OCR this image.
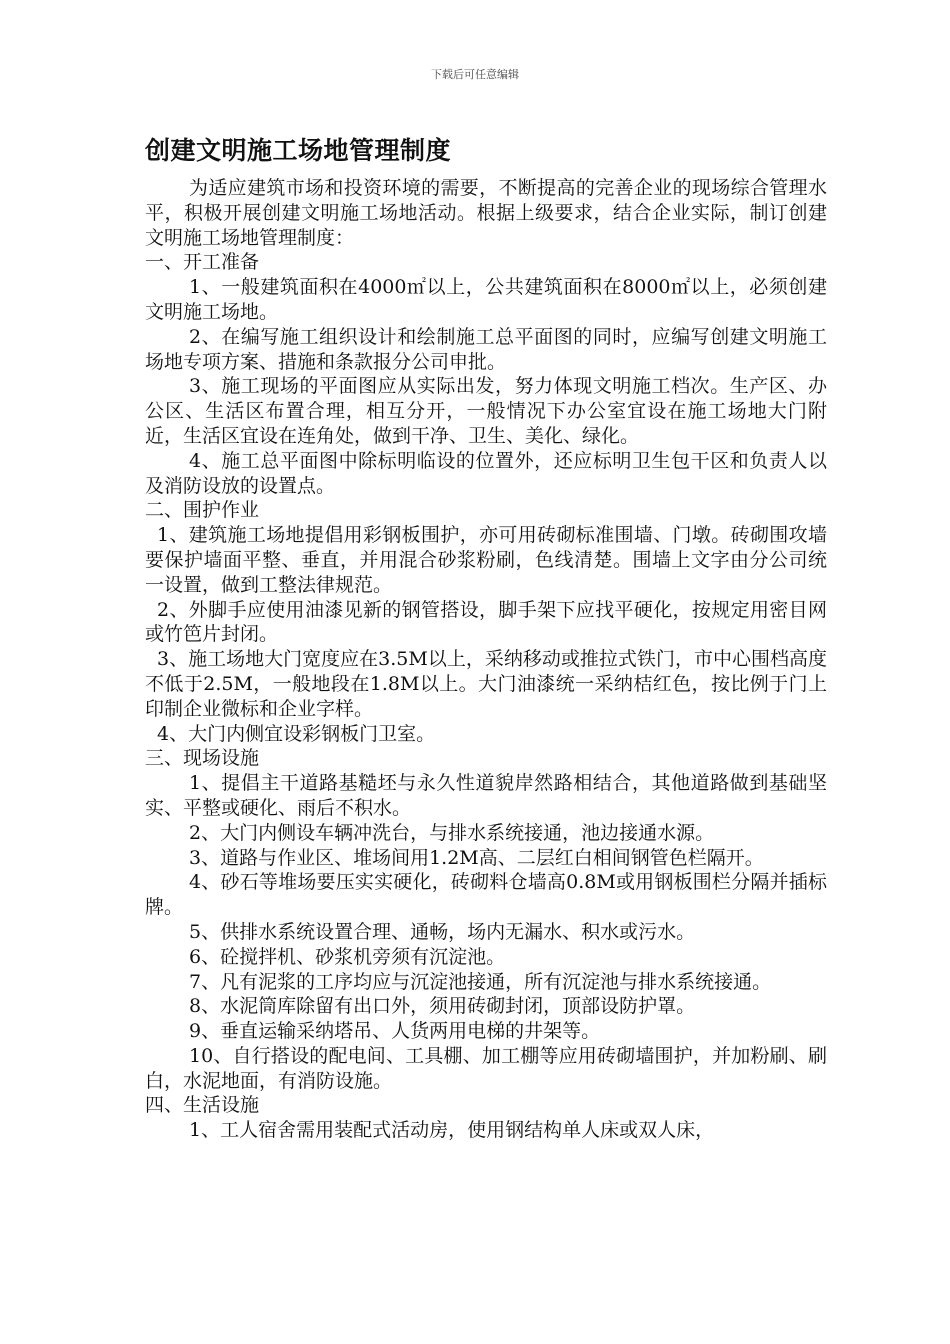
下载后可任意编辑
创建文明施工场地管理制度

为适应建筑市场和投资环境的需要，不断提高的完善企业的现场综合管理水平，积极开展创建文明施工场地活动。根据上级要求，结合企业实际，制订创建文明施工场地管理制度：

一、开工准备

1、一般建筑面积在4000㎡以上，公共建筑面积在8000㎡以上，必须创建文明施工场地。

2、在编写施工组织设计和绘制施工总平面图的同时，应编写创建文明施工场地专项方案、措施和条款报分公司申批。

3、施工现场的平面图应从实际出发，努力体现文明施工档次。生产区、办公区、生活区布置合理，相互分开，一般情况下办公室宜设在施工场地大门附近，生活区宜设在连角处，做到干净、卫生、美化、绿化。

4、施工总平面图中除标明临设的位置外，还应标明卫生包干区和负责人以及消防设放的设置点。

二、围护作业

1、建筑施工场地提倡用彩钢板围护，亦可用砖砌标准围墙、门墩。砖砌围攻墙要保护墙面平整、垂直，并用混合砂浆粉刷，色线清楚。围墙上文字由分公司统一设置，做到工整法律规范。

2、外脚手应使用油漆见新的钢管搭设，脚手架下应找平硬化，按规定用密目网或竹笆片封闭。

3、施工场地大门宽度应在3.5M以上，采纳移动或推拉式铁门，市中心围档高度不低于2.5M，一般地段在1.8M以上。大门油漆统一采纳桔红色，按比例于门上印制企业微标和企业字样。

4、大门内侧宜设彩钢板门卫室。

三、现场设施

1、提倡主干道路基糙坯与永久性道貌岸然路相结合，其他道路做到基础坚实、平整或硬化、雨后不积水。

2、大门内侧设车辆冲洗台，与排水系统接通，池边接通水源。

3、道路与作业区、堆场间用1.2M高、二层红白相间钢管色栏隔开。

4、砂石等堆场要压实实硬化，砖砌料仓墙高0.8M或用钢板围栏分隔并插标牌。

5、供排水系统设置合理、通畅，场内无漏水、积水或污水。

6、砼搅拌机、砂浆机旁须有沉淀池。

7、凡有泥浆的工序均应与沉淀池接通，所有沉淀池与排水系统接通。

8、水泥筒库除留有出口外，须用砖砌封闭，顶部设防护罩。

9、垂直运输采纳塔吊、人货两用电梯的井架等。

10、自行搭设的配电间、工具棚、加工棚等应用砖砌墙围护，并加粉刷、刷白，水泥地面，有消防设施。

四、生活设施

1、工人宿舍需用装配式活动房，使用钢结构单人床或双人床，
